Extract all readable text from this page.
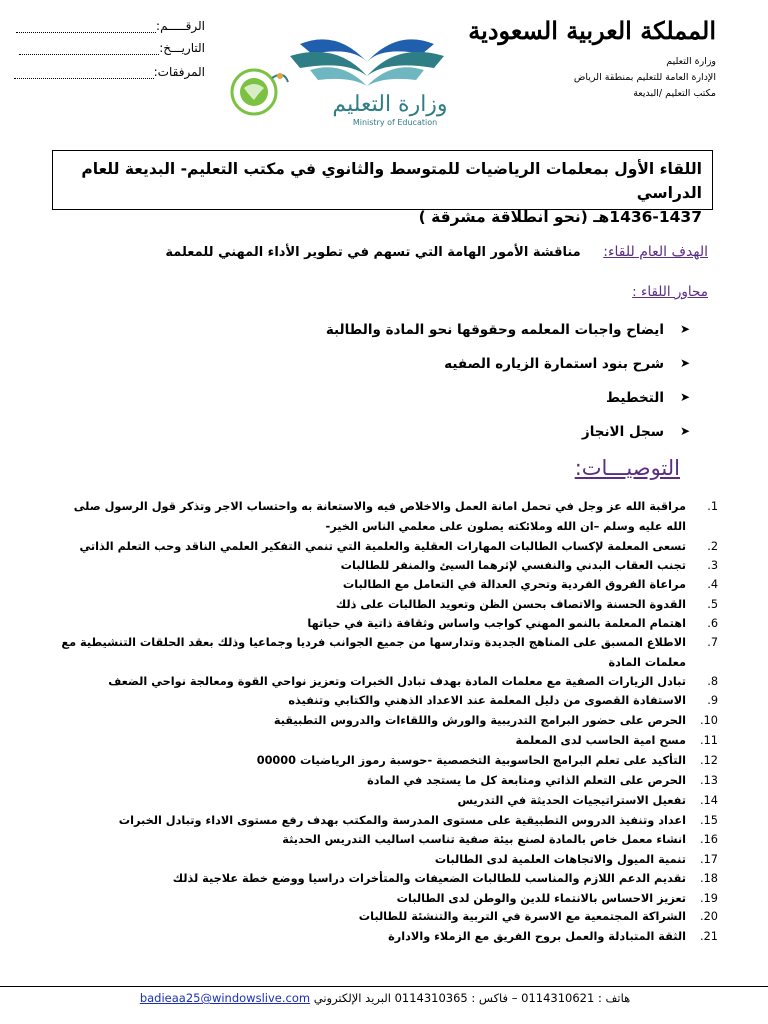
المملكة العربية السعودية
وزارة التعليم
الإدارة العامة للتعليم بمنطقة الرياض
مكتب التعليم /البديعة
وزارة التعليم
Ministry of Education
الرقـــــم:
التاريـــخ:
المرفقات:
اللقاء الأول بمعلمات الرياضيات للمتوسط والثانوي في مكتب التعليم- البديعة للعام الدراسي
1436-1437هـ (نحو انطلاقة مشرقة )
الهدف العام للقاء: مناقشة الأمور الهامة التي تسهم في تطوير الأداء المهني للمعلمة
محاور اللقاء :
➤
ايضاح واجبات المعلمه وحقوقها نحو المادة والطالبة
➤
شرح بنود استمارة الزياره الصفيه
➤
التخطيط
➤
سجل الانجاز
التوصيـــات:
1.
مراقبة الله عز وجل في تحمل امانة العمل والاخلاص فيه والاستعانة به واحتساب الاجر وتذكر قول الرسول صلى الله عليه وسلم –ان الله وملائكته يصلون على معلمي الناس الخير-
2.
تسعى المعلمة لإكساب الطالبات المهارات العقلية والعلمية التي تنمي التفكير العلمي الناقد وحب التعلم الذاتي
3.
تجنب العقاب البدني والنفسي لإثرهما السيئ والمنفر للطالبات
4.
مراعاة الفروق الفردية وتحري العدالة في التعامل مع الطالبات
5.
القدوة الحسنة والاتصاف بحسن الظن وتعويد الطالبات على ذلك
6.
اهتمام المعلمة بالنمو المهني كواجب واساس وثقافة ذاتية في حياتها
7.
الاطلاع المسبق على المناهج الجديدة وتدارسها من جميع الجوانب فرديا وجماعيا وذلك بعقد الحلقات التنشيطية مع معلمات المادة
8.
تبادل الزيارات الصفية مع معلمات المادة بهدف تبادل الخبرات وتعزيز نواحي القوة ومعالجة نواحي الضعف
9.
الاستفادة القصوى من دليل المعلمة عند الاعداد الذهني والكتابي وتنفيذه
10.
الحرص على حضور البرامج التدريبية والورش واللقاءات والدروس التطبيقية
11.
مسح امية الحاسب لدى المعلمة
12.
التأكيد على تعلم البرامج الحاسوبية التخصصية -حوسبة رموز الرياضيات 00000
13.
الحرص على التعلم الذاتي ومتابعة كل ما يستجد في المادة
14.
تفعيل الاستراتيجيات الحديثة في التدريس
15.
اعداد وتنفيذ الدروس التطبيقية على مستوى المدرسة والمكتب بهدف رفع مستوى الاداء وتبادل الخبرات
16.
انشاء معمل خاص بالمادة لصنع بيئة صفية تناسب اساليب التدريس الحديثة
17.
تنمية الميول والاتجاهات العلمية لدى الطالبات
18.
تقديم الدعم اللازم والمناسب للطالبات الضعيفات والمتأخرات دراسيا ووضع خطة علاجية لذلك
19.
تعزيز الاحساس بالانتماء للدين والوطن لدى الطالبات
20.
الشراكة المجتمعية مع الاسرة في التربية والتنشئة للطالبات
21.
الثقة المتبادلة والعمل بروح الفريق مع الزملاء والادارة
هاتف : 0114310621 – فاكس : 0114310365 البريد الإلكتروني badieaa25@windowslive.com
